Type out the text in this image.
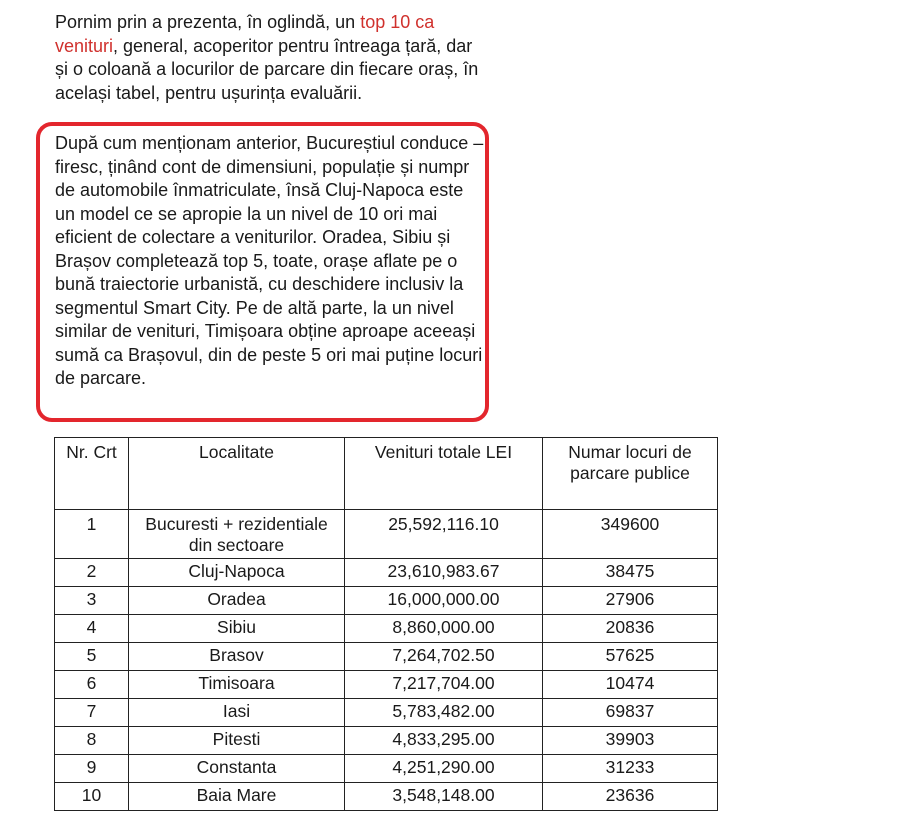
Pornim prin a prezenta, în oglindă, un top 10 ca venituri, general, acoperitor pentru întreaga țară, dar și o coloană a locurilor de parcare din fiecare oraș, în același tabel, pentru ușurința evaluării.

După cum menționam anterior, Bucureștiul conduce – firesc, ținând cont de dimensiuni, populație și numpr de automobile înmatriculate, însă Cluj-Napoca este un model ce se apropie la un nivel de 10 ori mai eficient de colectare a veniturilor. Oradea, Sibiu și Brașov completează top 5, toate, orașe aflate pe o bună traiectorie urbanistă, cu deschidere inclusiv la segmentul Smart City. Pe de altă parte, la un nivel similar de venituri, Timișoara obține aproape aceeași sumă ca Brașovul, din de peste 5 ori mai puține locuri de parcare.

Nr. Crt	Localitate	Venituri totale LEI	Numar locuri de parcare publice
1	Bucuresti + rezidentiale din sectoare	25,592,116.10	349600
2	Cluj-Napoca	23,610,983.67	38475
3	Oradea	16,000,000.00	27906
4	Sibiu	8,860,000.00	20836
5	Brasov	7,264,702.50	57625
6	Timisoara	7,217,704.00	10474
7	Iasi	5,783,482.00	69837
8	Pitesti	4,833,295.00	39903
9	Constanta	4,251,290.00	31233
10	Baia Mare	3,548,148.00	23636
